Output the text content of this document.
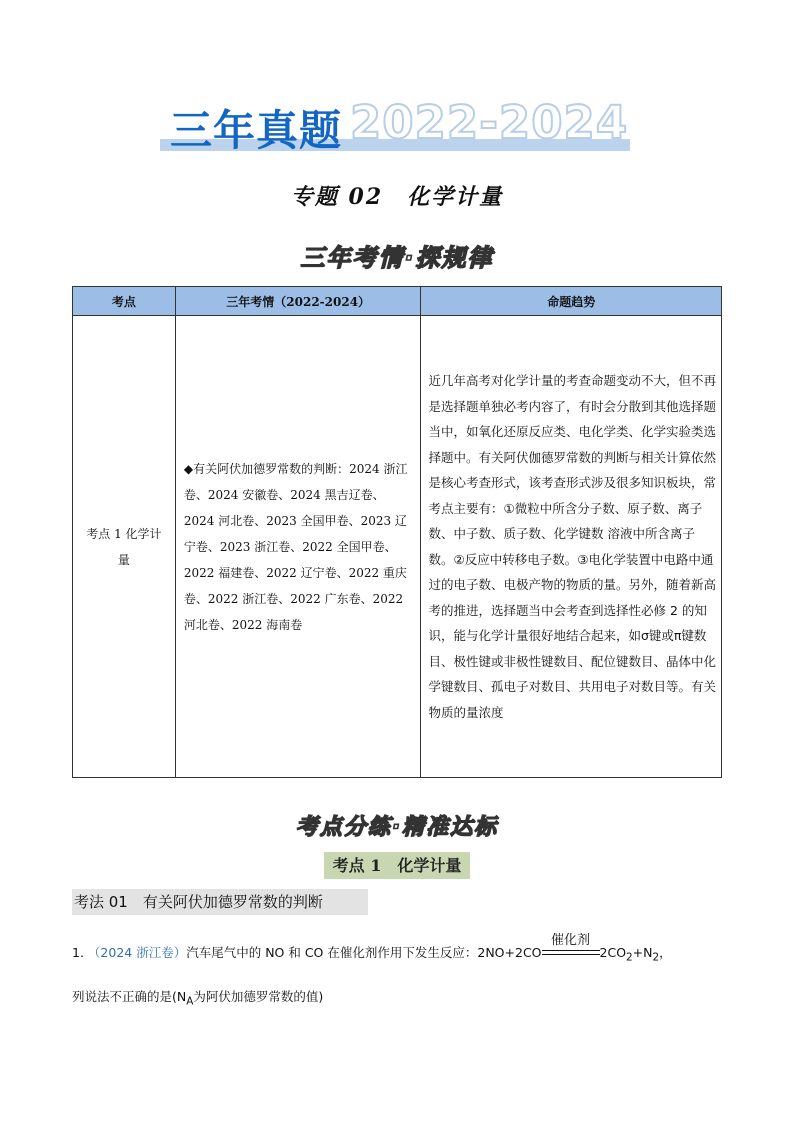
三年真题 2022-2024
专题 02　化学计量
三年考情·探规律
考点	三年考情（2022-2024）	命题趋势
考点 1 化学计量	◆有关阿伏加德罗常数的判断：2024 浙江卷、2024 安徽卷、2024 黑吉辽卷、2024 河北卷、2023 全国甲卷、2023 辽宁卷、2023 浙江卷、2022 全国甲卷、2022 福建卷、2022 辽宁卷、2022 重庆卷、2022 浙江卷、2022 广东卷、2022 河北卷、2022 海南卷	近几年高考对化学计量的考查命题变动不大，但不再是选择题单独必考内容了，有时会分散到其他选择题当中，如氧化还原反应类、电化学类、化学实验类选择题中。有关阿伏伽德罗常数的判断与相关计算依然是核心考查形式，该考查形式涉及很多知识板块，常考点主要有：①微粒中所含分子数、原子数、离子数、中子数、质子数、化学键数 溶液中所含离子数。②反应中转移电子数。③电化学装置中电路中通过的电子数、电极产物的物质的量。另外，随着新高考的推进，选择题当中会考查到选择性必修 2 的知识，能与化学计量很好地结合起来，如σ键或π键数目、极性键或非极性键数目、配位键数目、晶体中化学键数目、孤电子对数目、共用电子对数目等。有关物质的量浓度
考点分练·精准达标
考点 1　化学计量
考法 01　有关阿伏加德罗常数的判断
1. （2024 浙江卷）汽车尾气中的 NO 和 CO 在催化剂作用下发生反应：2NO+2CO
催化剂
$2CO_2+N_2$，
列说法不正确的是($N_A$为阿伏加德罗常数的值)
